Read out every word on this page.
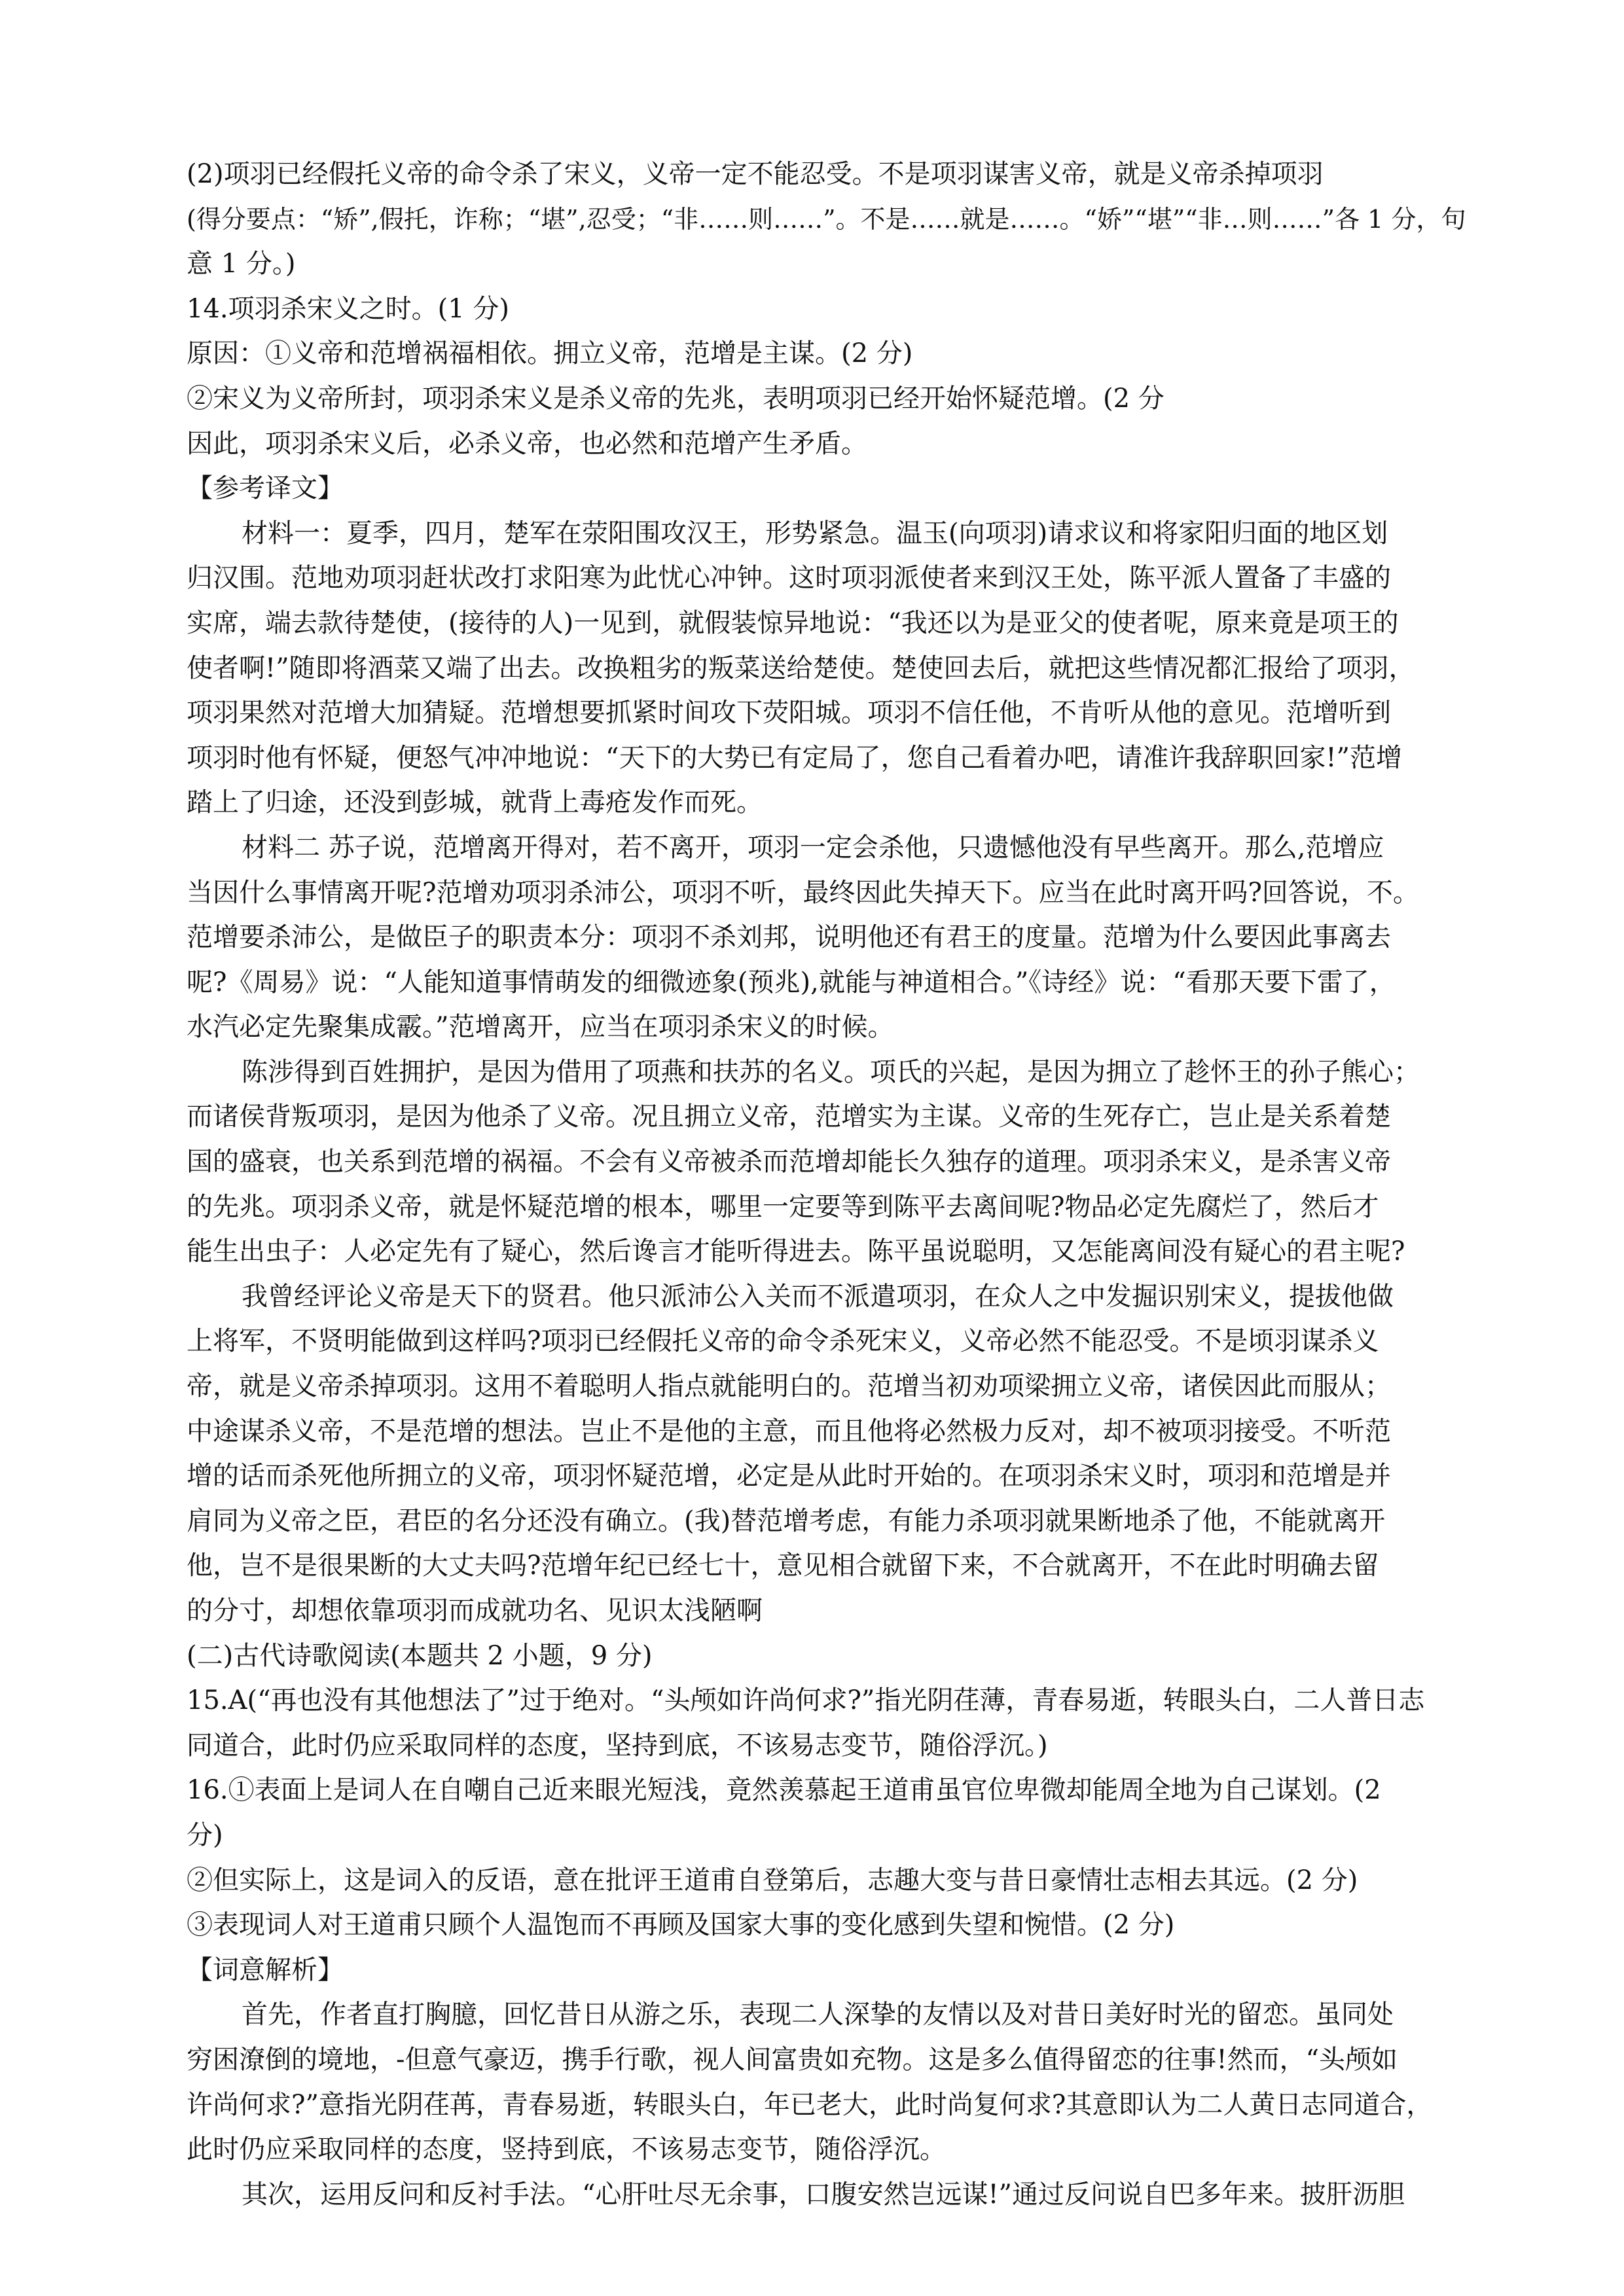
(2)项羽已经假托义帝的命令杀了宋义，义帝一定不能忍受。不是项羽谋害义帝，就是义帝杀掉项羽

(得分要点：“矫”,假托，诈称；“堪”,忍受；“非……则……”。不是……就是……。“娇”“堪”“非…则……”各 1 分，句

意 1 分。)

14.项羽杀宋义之时。(1 分)

原因：①义帝和范增祸福相依。拥立义帝，范增是主谋。(2 分)

②宋义为义帝所封，项羽杀宋义是杀义帝的先兆，表明项羽已经开始怀疑范增。(2 分

因此，项羽杀宋义后，必杀义帝，也必然和范增产生矛盾。

【参考译文】

材料一：夏季，四月，楚军在荥阳围攻汉王，形势紧急。温玉(向项羽)请求议和将家阳归面的地区划

归汉围。范地劝项羽赶状改打求阳寒为此忧心冲钟。这时项羽派使者来到汉王处，陈平派人置备了丰盛的

实席，端去款待楚使，(接待的人)一见到，就假装惊异地说：“我还以为是亚父的使者呢，原来竟是项王的

使者啊!”随即将酒菜又端了出去。改换粗劣的叛菜送给楚使。楚使回去后，就把这些情况都汇报给了项羽，

项羽果然对范增大加猜疑。范增想要抓紧时间攻下荧阳城。项羽不信任他，不肯听从他的意见。范增听到

项羽时他有怀疑，便怒气冲冲地说：“天下的大势已有定局了，您自己看着办吧，请准许我辞职回家!”范增

踏上了归途，还没到彭城，就背上毒疮发作而死。

材料二 苏子说，范增离开得对，若不离开，项羽一定会杀他，只遗憾他没有早些离开。那么,范增应

当因什么事情离开呢?范增劝项羽杀沛公，项羽不听，最终因此失掉天下。应当在此时离开吗?回答说，不。

范增要杀沛公，是做臣子的职责本分：项羽不杀刘邦，说明他还有君王的度量。范增为什么要因此事离去

呢?《周易》说：“人能知道事情萌发的细微迹象(预兆),就能与神道相合。”《诗经》说：“看那天要下雷了，

水汽必定先聚集成霰。”范增离开，应当在项羽杀宋义的时候。

陈涉得到百姓拥护，是因为借用了项燕和扶苏的名义。项氏的兴起，是因为拥立了趁怀王的孙子熊心；

而诸侯背叛项羽，是因为他杀了义帝。况且拥立义帝，范增实为主谋。义帝的生死存亡，岂止是关系着楚

国的盛衰，也关系到范增的祸福。不会有义帝被杀而范增却能长久独存的道理。项羽杀宋义，是杀害义帝

的先兆。项羽杀义帝，就是怀疑范增的根本，哪里一定要等到陈平去离间呢?物品必定先腐烂了，然后才

能生出虫子：人必定先有了疑心，然后谗言才能听得进去。陈平虽说聪明，又怎能离间没有疑心的君主呢?

我曾经评论义帝是天下的贤君。他只派沛公入关而不派遣项羽，在众人之中发掘识别宋义，提拔他做

上将军，不贤明能做到这样吗?项羽已经假托义帝的命令杀死宋义，义帝必然不能忍受。不是顷羽谋杀义

帝，就是义帝杀掉项羽。这用不着聪明人指点就能明白的。范增当初劝项梁拥立义帝，诸侯因此而服从；

中途谋杀义帝，不是范增的想法。岂止不是他的主意，而且他将必然极力反对，却不被项羽接受。不听范

增的话而杀死他所拥立的义帝，项羽怀疑范增，必定是从此时开始的。在项羽杀宋义时，项羽和范增是并

肩同为义帝之臣，君臣的名分还没有确立。(我)替范增考虑，有能力杀项羽就果断地杀了他，不能就离开

他，岂不是很果断的大丈夫吗?范增年纪已经七十，意见相合就留下来，不合就离开，不在此时明确去留

的分寸，却想依靠项羽而成就功名、见识太浅陋啊

(二)古代诗歌阅读(本题共 2 小题，9 分)

15.A(“再也没有其他想法了”过于绝对。“头颅如许尚何求?”指光阴荏薄，青春易逝，转眼头白，二人普日志

同道合，此时仍应采取同样的态度，坚持到底，不该易志变节，随俗浮沉。)

16.①表面上是词人在自嘲自己近来眼光短浅，竟然羡慕起王道甫虽官位卑微却能周全地为自己谋划。(2

分)

②但实际上，这是词入的反语，意在批评王道甫自登第后，志趣大变与昔日豪情壮志相去其远。(2 分)

③表现词人对王道甫只顾个人温饱而不再顾及国家大事的变化感到失望和惋惜。(2 分)

【词意解析】

首先，作者直打胸臆，回忆昔日从游之乐，表现二人深挚的友情以及对昔日美好时光的留恋。虽同处

穷困潦倒的境地，-但意气豪迈，携手行歌，视人间富贵如充物。这是多么值得留恋的往事!然而，“头颅如

许尚何求?”意指光阴荏苒，青春易逝，转眼头白，年已老大，此时尚复何求?其意即认为二人黄日志同道合，

此时仍应采取同样的态度，竖持到底，不该易志变节，随俗浮沉。

其次，运用反问和反衬手法。“心肝吐尽无余事，口腹安然岂远谋!”通过反问说自巴多年来。披肝沥胆
